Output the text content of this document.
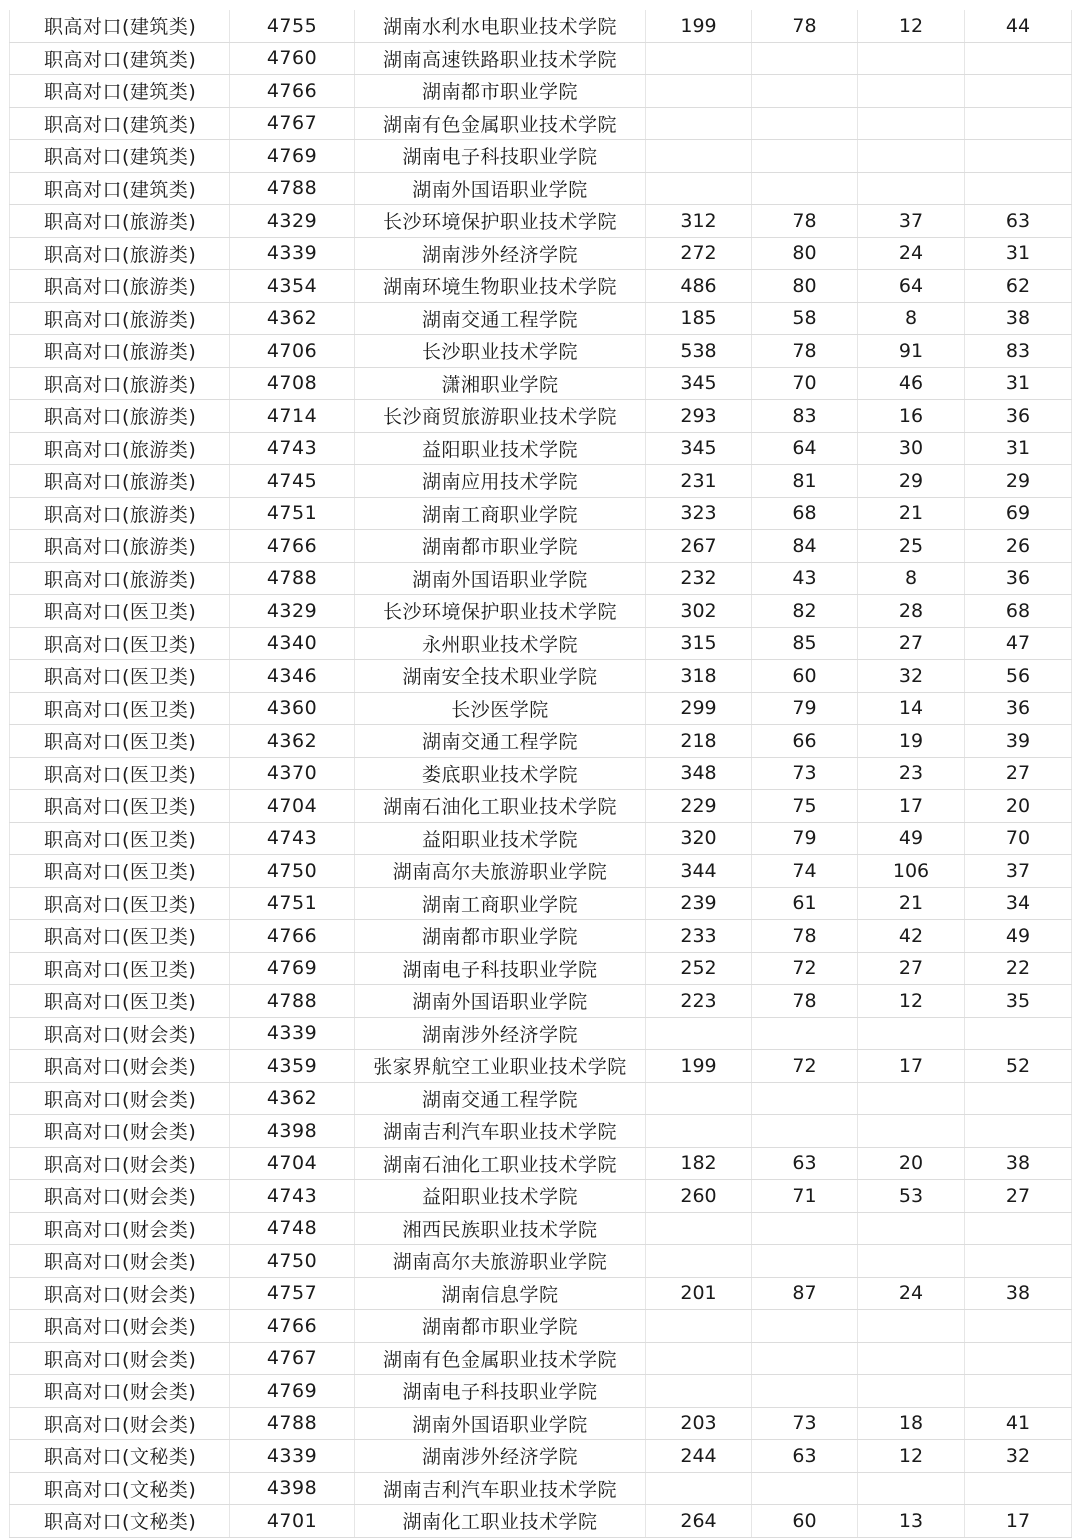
职高对口(建筑类)	4755	湖南水利水电职业技术学院	199	78	12	44
职高对口(建筑类)	4760	湖南高速铁路职业技术学院				
职高对口(建筑类)	4766	湖南都市职业学院				
职高对口(建筑类)	4767	湖南有色金属职业技术学院				
职高对口(建筑类)	4769	湖南电子科技职业学院				
职高对口(建筑类)	4788	湖南外国语职业学院				
职高对口(旅游类)	4329	长沙环境保护职业技术学院	312	78	37	63
职高对口(旅游类)	4339	湖南涉外经济学院	272	80	24	31
职高对口(旅游类)	4354	湖南环境生物职业技术学院	486	80	64	62
职高对口(旅游类)	4362	湖南交通工程学院	185	58	8	38
职高对口(旅游类)	4706	长沙职业技术学院	538	78	91	83
职高对口(旅游类)	4708	潇湘职业学院	345	70	46	31
职高对口(旅游类)	4714	长沙商贸旅游职业技术学院	293	83	16	36
职高对口(旅游类)	4743	益阳职业技术学院	345	64	30	31
职高对口(旅游类)	4745	湖南应用技术学院	231	81	29	29
职高对口(旅游类)	4751	湖南工商职业学院	323	68	21	69
职高对口(旅游类)	4766	湖南都市职业学院	267	84	25	26
职高对口(旅游类)	4788	湖南外国语职业学院	232	43	8	36
职高对口(医卫类)	4329	长沙环境保护职业技术学院	302	82	28	68
职高对口(医卫类)	4340	永州职业技术学院	315	85	27	47
职高对口(医卫类)	4346	湖南安全技术职业学院	318	60	32	56
职高对口(医卫类)	4360	长沙医学院	299	79	14	36
职高对口(医卫类)	4362	湖南交通工程学院	218	66	19	39
职高对口(医卫类)	4370	娄底职业技术学院	348	73	23	27
职高对口(医卫类)	4704	湖南石油化工职业技术学院	229	75	17	20
职高对口(医卫类)	4743	益阳职业技术学院	320	79	49	70
职高对口(医卫类)	4750	湖南高尔夫旅游职业学院	344	74	106	37
职高对口(医卫类)	4751	湖南工商职业学院	239	61	21	34
职高对口(医卫类)	4766	湖南都市职业学院	233	78	42	49
职高对口(医卫类)	4769	湖南电子科技职业学院	252	72	27	22
职高对口(医卫类)	4788	湖南外国语职业学院	223	78	12	35
职高对口(财会类)	4339	湖南涉外经济学院				
职高对口(财会类)	4359	张家界航空工业职业技术学院	199	72	17	52
职高对口(财会类)	4362	湖南交通工程学院				
职高对口(财会类)	4398	湖南吉利汽车职业技术学院				
职高对口(财会类)	4704	湖南石油化工职业技术学院	182	63	20	38
职高对口(财会类)	4743	益阳职业技术学院	260	71	53	27
职高对口(财会类)	4748	湘西民族职业技术学院				
职高对口(财会类)	4750	湖南高尔夫旅游职业学院				
职高对口(财会类)	4757	湖南信息学院	201	87	24	38
职高对口(财会类)	4766	湖南都市职业学院				
职高对口(财会类)	4767	湖南有色金属职业技术学院				
职高对口(财会类)	4769	湖南电子科技职业学院				
职高对口(财会类)	4788	湖南外国语职业学院	203	73	18	41
职高对口(文秘类)	4339	湖南涉外经济学院	244	63	12	32
职高对口(文秘类)	4398	湖南吉利汽车职业技术学院				
职高对口(文秘类)	4701	湖南化工职业技术学院	264	60	13	17
